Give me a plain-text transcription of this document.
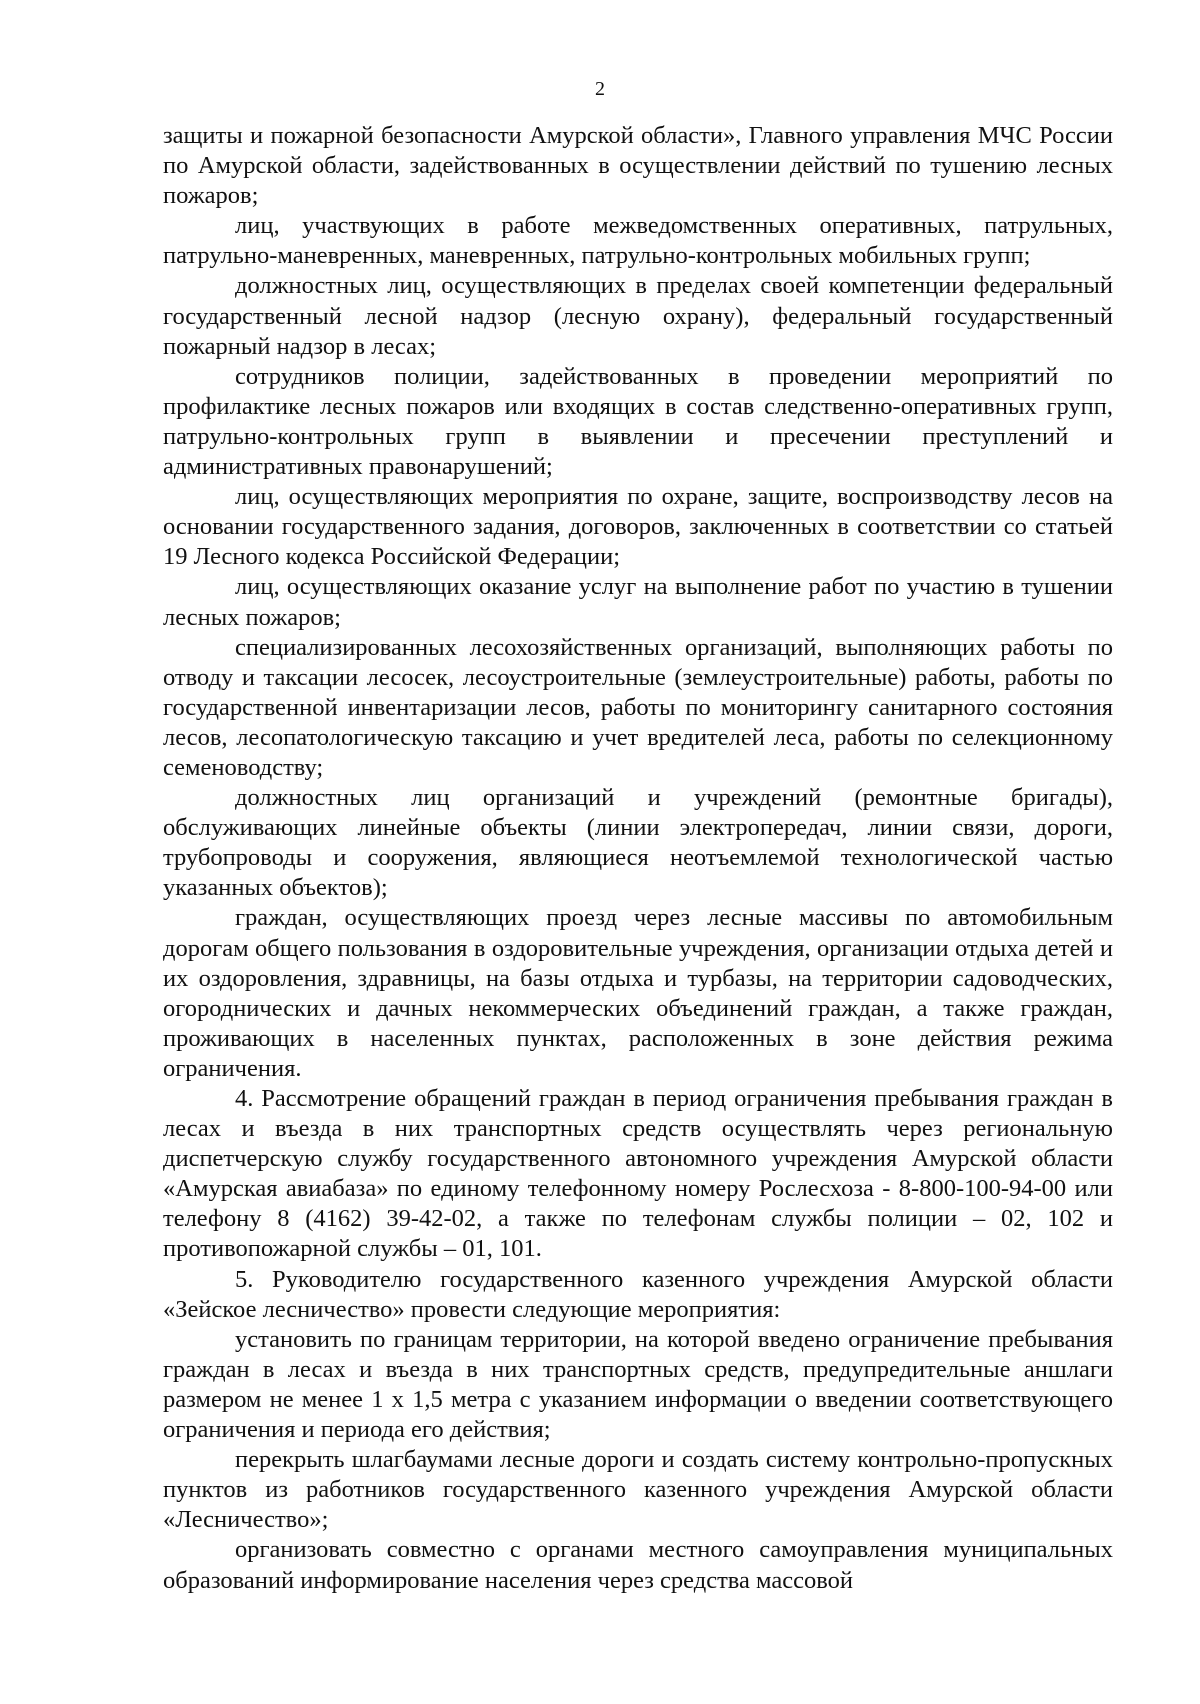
2

защиты и пожарной безопасности Амурской области», Главного управления МЧС России по Амурской области, задействованных в осуществлении действий по тушению лесных пожаров;

лиц, участвующих в работе межведомственных оперативных, патрульных, патрульно-маневренных, маневренных, патрульно-контрольных мобильных групп;

должностных лиц, осуществляющих в пределах своей компетенции федеральный государственный лесной надзор (лесную охрану), федеральный государственный пожарный надзор в лесах;

сотрудников полиции, задействованных в проведении мероприятий по профилактике лесных пожаров или входящих в состав следственно-оперативных групп, патрульно-контрольных групп в выявлении и пресечении преступлений и административных правонарушений;

лиц, осуществляющих мероприятия по охране, защите, воспроизводству лесов на основании государственного задания, договоров, заключенных в соответствии со статьей 19 Лесного кодекса Российской Федерации;

лиц, осуществляющих оказание услуг на выполнение работ по участию в тушении лесных пожаров;

специализированных лесохозяйственных организаций, выполняющих работы по отводу и таксации лесосек, лесоустроительные (землеустроительные) работы, работы по государственной инвентаризации лесов, работы по мониторингу санитарного состояния лесов, лесопатологическую таксацию и учет вредителей леса, работы по селекционному семеноводству;

должностных лиц организаций и учреждений (ремонтные бригады), обслуживающих линейные объекты (линии электропередач, линии связи, дороги, трубопроводы и сооружения, являющиеся неотъемлемой технологической частью указанных объектов);

граждан, осуществляющих проезд через лесные массивы по автомобильным дорогам общего пользования в оздоровительные учреждения, организации отдыха детей и их оздоровления, здравницы, на базы отдыха и турбазы, на территории садоводческих, огороднических и дачных некоммерческих объединений граждан, а также граждан, проживающих в населенных пунктах, расположенных в зоне действия режима ограничения.

4. Рассмотрение обращений граждан в период ограничения пребывания граждан в лесах и въезда в них транспортных средств осуществлять через региональную диспетчерскую службу государственного автономного учреждения Амурской области «Амурская авиабаза» по единому телефонному номеру Рослесхоза - 8-800-100-94-00 или телефону 8 (4162) 39-42-02, а также по телефонам службы полиции – 02, 102 и противопожарной службы – 01, 101.

5. Руководителю государственного казенного учреждения Амурской области «Зейское лесничество» провести следующие мероприятия:

установить по границам территории, на которой введено ограничение пребывания граждан в лесах и въезда в них транспортных средств, предупредительные аншлаги размером не менее 1 х 1,5 метра с указанием информации о введении соответствующего ограничения и периода его действия;

перекрыть шлагбаумами лесные дороги и создать систему контрольно-пропускных пунктов из работников государственного казенного учреждения Амурской области «Лесничество»;

организовать совместно с органами местного самоуправления муниципальных образований информирование населения через средства массовой
